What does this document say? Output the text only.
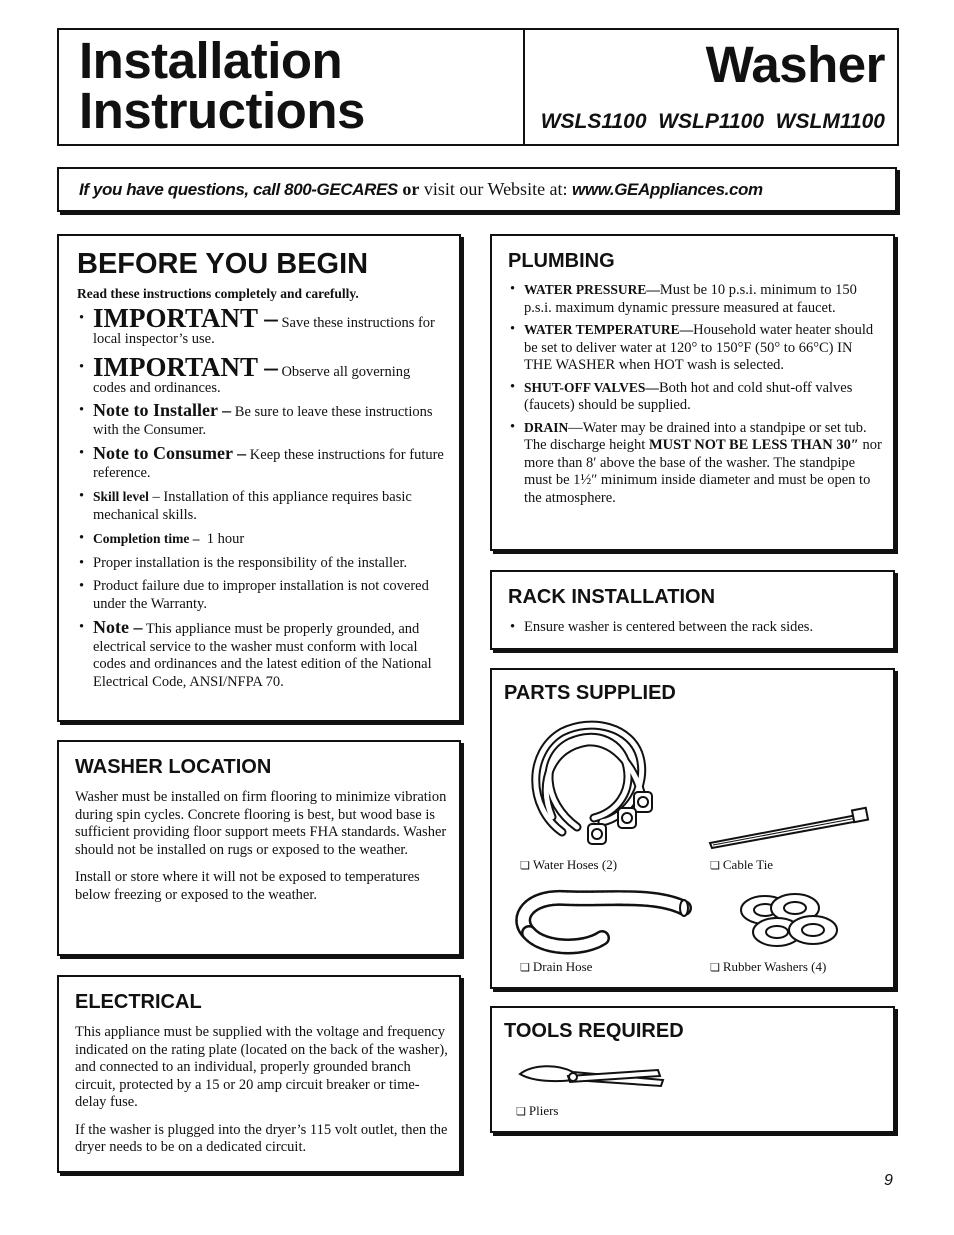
Installation
Instructions
Washer
WSLS1100  WSLP1100  WSLM1100
If you have questions, call 800-GECARES or visit our Website at: www.GEAppliances.com
BEFORE YOU BEGIN
Read these instructions completely and carefully.
• IMPORTANT – Save these instructions for local inspector’s use.
• IMPORTANT – Observe all governing codes and ordinances.
• Note to Installer – Be sure to leave these instructions with the Consumer.
• Note to Consumer – Keep these instructions for future reference.
• Skill level – Installation of this appliance requires basic mechanical skills.
• Completion time – 1 hour
• Proper installation is the responsibility of the installer.
• Product failure due to improper installation is not covered under the Warranty.
• Note – This appliance must be properly grounded, and electrical service to the washer must conform with local codes and ordinances and the latest edition of the National Electrical Code, ANSI/NFPA 70.
WASHER LOCATION

Washer must be installed on firm flooring to minimize vibration during spin cycles. Concrete flooring is best, but wood base is sufficient providing floor support meets FHA standards. Washer should not be installed on rugs or exposed to the weather.

Install or store where it will not be exposed to temperatures below freezing or exposed to the weather.

ELECTRICAL

This appliance must be supplied with the voltage and frequency indicated on the rating plate (located on the back of the washer), and connected to an individual, properly grounded branch circuit, protected by a 15 or 20 amp circuit breaker or time-delay fuse.

If the washer is plugged into the dryer’s 115 volt outlet, then the dryer needs to be on a dedicated circuit.

PLUMBING
• WATER PRESSURE—Must be 10 p.s.i. minimum to 150 p.s.i. maximum dynamic pressure measured at faucet.
• WATER TEMPERATURE—Household water heater should be set to deliver water at 120° to 150°F (50° to 66°C) IN THE WASHER when HOT wash is selected.
• SHUT-OFF VALVES—Both hot and cold shut-off valves (faucets) should be supplied.
• DRAIN—Water may be drained into a standpipe or set tub. The discharge height MUST NOT BE LESS THAN 30″ nor more than 8′ above the base of the washer. The standpipe must be 1½″ minimum inside diameter and must be open to the atmosphere.
RACK INSTALLATION
• Ensure washer is centered between the rack sides.
PARTS SUPPLIED
❏ Water Hoses (2)	❏ Cable Tie
❏ Drain Hose	❏ Rubber Washers (4)
TOOLS REQUIRED
❏ Pliers
9
